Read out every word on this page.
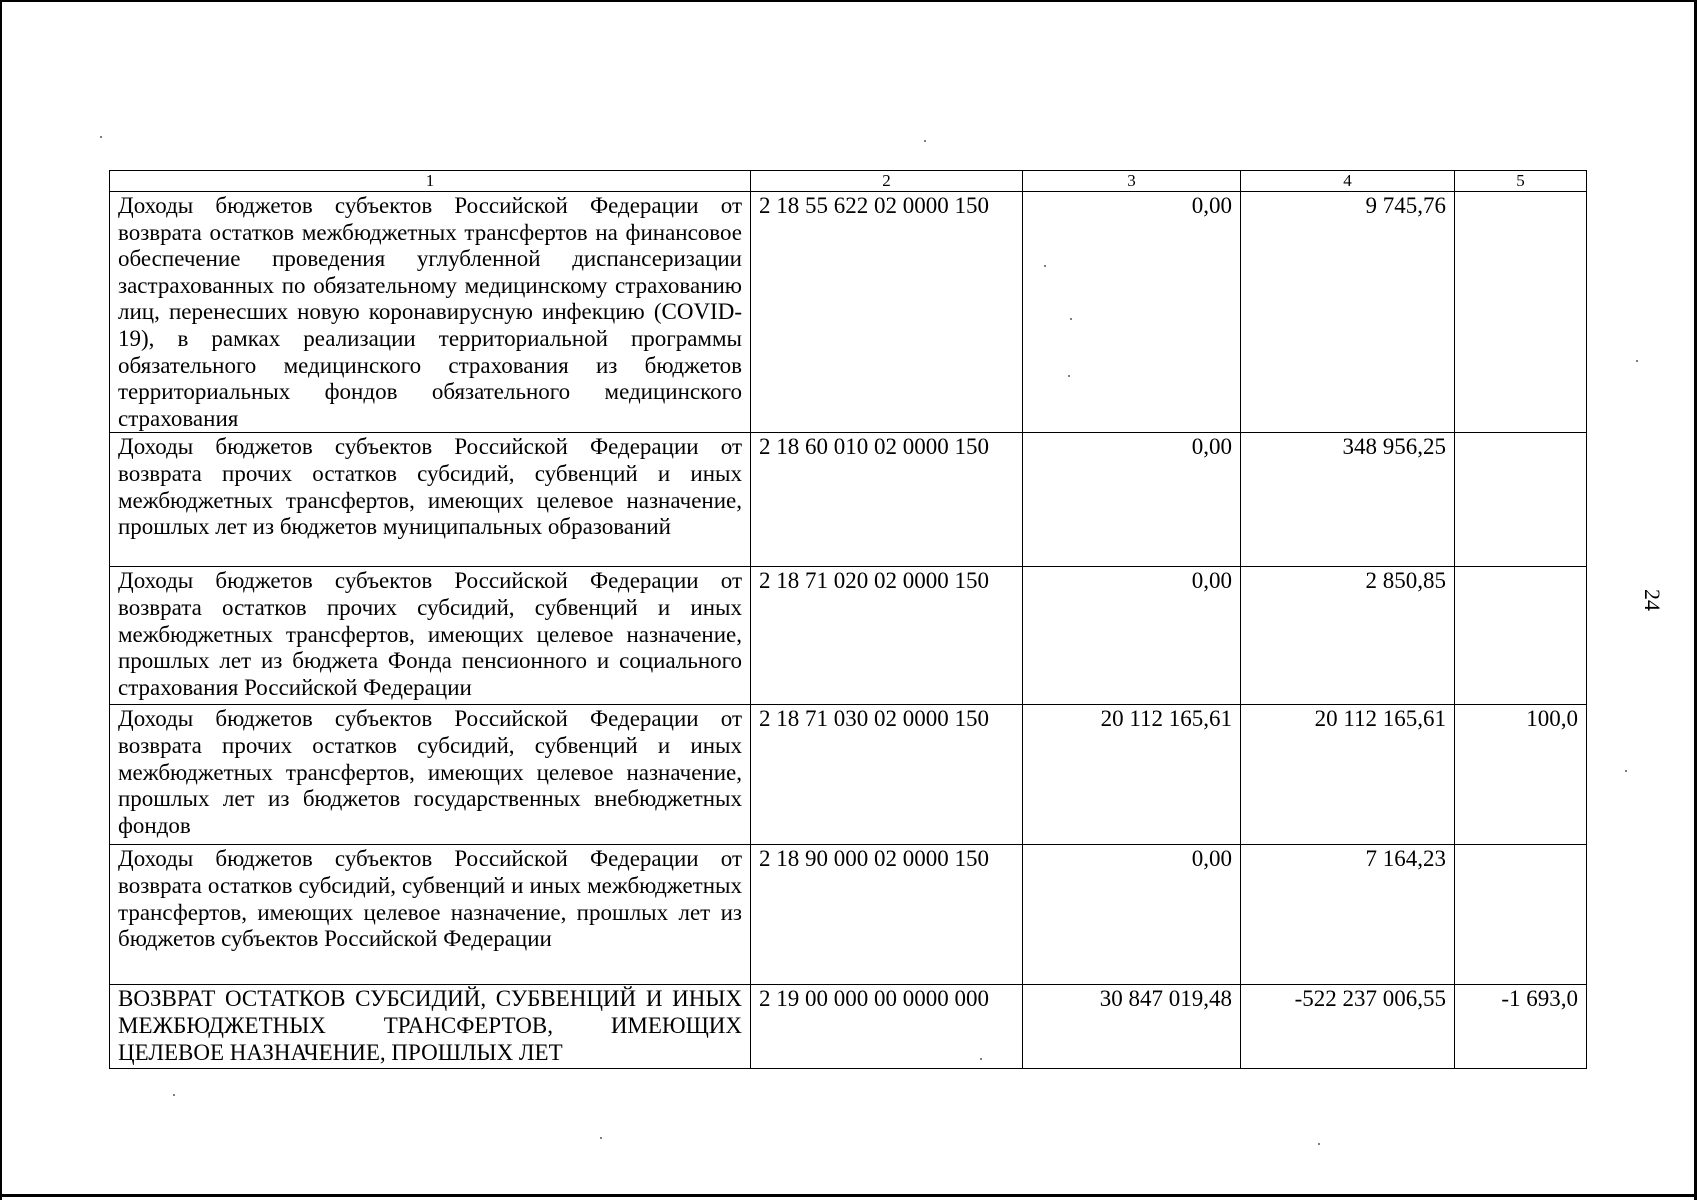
1	2	3	4	5
Доходы бюджетов субъектов Российской Федерации от возврата остатков межбюджетных трансфертов на финансовое обеспечение проведения углубленной диспансеризации застрахованных по обязательному медицинскому страхованию лиц, перенесших новую коронавирусную инфекцию (COVID-19), в рамках реализации территориальной программы обязательного медицинского страхования из бюджетов территориальных фондов обязательного медицинского страхования	2 18 55 622 02 0000 150	0,00	9 745,76	
Доходы бюджетов субъектов Российской Федерации от возврата прочих остатков субсидий, субвенций и иных межбюджетных трансфертов, имеющих целевое назначение, прошлых лет из бюджетов муниципальных образований	2 18 60 010 02 0000 150	0,00	348 956,25	
Доходы бюджетов субъектов Российской Федерации от возврата остатков прочих субсидий, субвенций и иных межбюджетных трансфертов, имеющих целевое назначение, прошлых лет из бюджета Фонда пенсионного и социального страхования Российской Федерации	2 18 71 020 02 0000 150	0,00	2 850,85	
Доходы бюджетов субъектов Российской Федерации от возврата прочих остатков субсидий, субвенций и иных межбюджетных трансфертов, имеющих целевое назначение, прошлых лет из бюджетов государственных внебюджетных фондов	2 18 71 030 02 0000 150	20 112 165,61	20 112 165,61	100,0
Доходы бюджетов субъектов Российской Федерации от возврата остатков субсидий, субвенций и иных межбюджетных трансфертов, имеющих целевое назначение, прошлых лет из бюджетов субъектов Российской Федерации	2 18 90 000 02 0000 150	0,00	7 164,23	
ВОЗВРАТ ОСТАТКОВ СУБСИДИЙ, СУБВЕНЦИЙ И ИНЫХ МЕЖБЮДЖЕТНЫХ ТРАНСФЕРТОВ, ИМЕЮЩИХ ЦЕЛЕВОЕ НАЗНАЧЕНИЕ, ПРОШЛЫХ ЛЕТ	2 19 00 000 00 0000 000	30 847 019,48	-522 237 006,55	-1 693,0
24
